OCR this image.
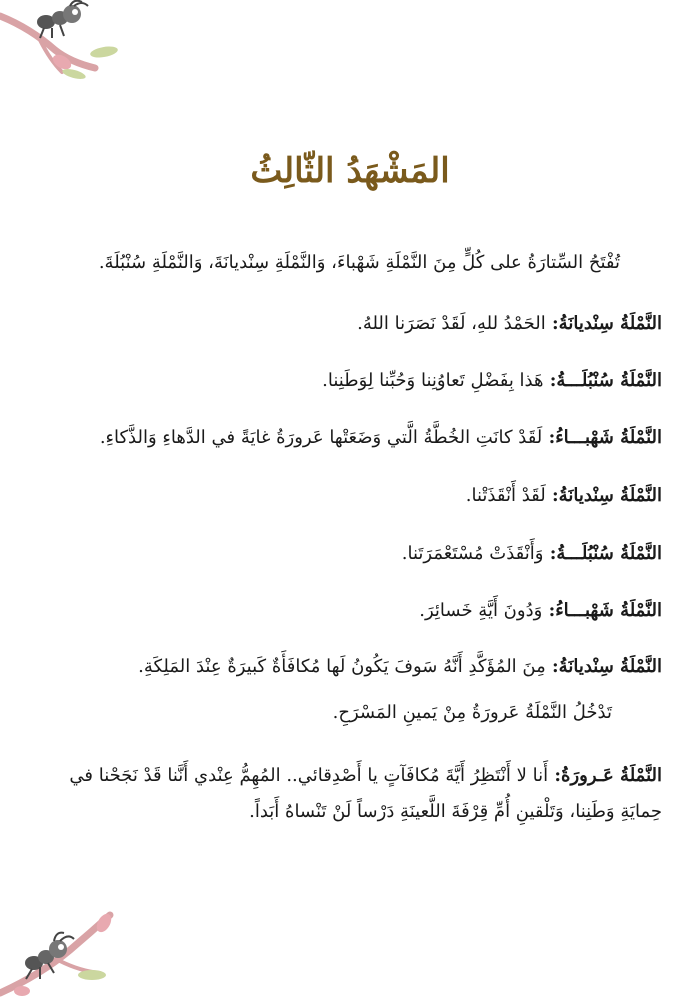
المَشْهَدُ الثّالِثُ

تُفْتَحُ السِّتارَةُ على كُلٍّ مِنَ النَّمْلَةِ شَهْباءَ، وَالنَّمْلَةِ سِنْديانَةَ، وَالنَّمْلَةِ سُنْبُلَةَ.

النَّمْلَةُ سِنْديانَةُ: الحَمْدُ للهِ، لَقَدْ نَصَرَنا اللهُ.

النَّمْلَةُ سُنْبُلَـــةُ: هَذا بِفَضْلِ تَعاوُنِنا وَحُبِّنا لِوَطَنِنا.

النَّمْلَةُ شَهْبـــاءُ: لَقَدْ كانَتِ الخُطَّةُ الَّتي وَضَعَتْها عَرورَةُ غايَةً في الدَّهاءِ وَالذَّكاءِ.

النَّمْلَةُ سِنْديانَةُ: لَقَدْ أَنْقَذَتْنا.

النَّمْلَةُ سُنْبُلَـــةُ: وَأَنْقَذَتْ مُسْتَعْمَرَتَنا.

النَّمْلَةُ شَهْبـــاءُ: وَدُونَ أَيَّةِ خَسائِرَ.

النَّمْلَةُ سِنْديانَةُ: مِنَ المُؤَكَّدِ أَنَّهُ سَوفَ يَكُونُ لَها مُكافَأَةٌ كَبيرَةٌ عِنْدَ المَلِكَةِ.

تَدْخُلُ النَّمْلَةُ عَرورَةُ مِنْ يَمينِ المَسْرَحِ.

النَّمْلَةُ عَـرورَةُ: أَنا لا أَنْتَظِرُ أَيَّةَ مُكافَآتٍ يا أَصْدِقائي.. المُهِمُّ عِنْدي أَنَّنا قَدْ نَجَحْنا في حِمايَةِ وَطَنِنا، وَتَلْقينِ أُمِّ قِرْفَةَ اللَّعينَةِ دَرْساً لَنْ تَنْساهُ أَبَداً.
